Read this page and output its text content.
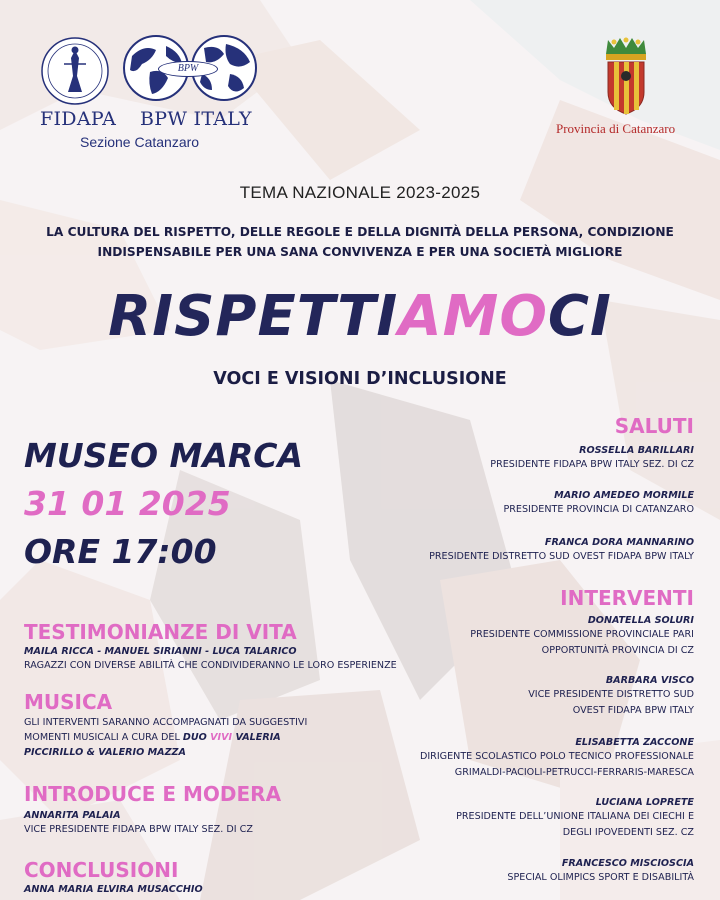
BPW
FIDAPA BPW ITALY
Sezione Catanzaro
Provincia di Catanzaro
TEMA NAZIONALE 2023-2025
LA CULTURA DEL RISPETTO, DELLE REGOLE E DELLA DIGNITÀ DELLA PERSONA, CONDIZIONE
INDISPENSABILE PER UNA SANA CONVIVENZA E PER UNA SOCIETÀ MIGLIORE
RISPETTIAMOCI
VOCI E VISIONI D’INCLUSIONE
MUSEO MARCA
31 01 2025
ORE 17:00
TESTIMONIANZE DI VITA
MAILA RICCA - MANUEL SIRIANNI - LUCA TALARICO
RAGAZZI CON DIVERSE ABILITÀ CHE CONDIVIDERANNO LE LORO ESPERIENZE
MUSICA
GLI INTERVENTI SARANNO ACCOMPAGNATI DA SUGGESTIVI
MOMENTI MUSICALI A CURA DEL DUO VIVI VALERIA
PICCIRILLO & VALERIO MAZZA
INTRODUCE E MODERA
ANNARITA PALAIA
VICE PRESIDENTE FIDAPA BPW ITALY SEZ. DI CZ
CONCLUSIONI
ANNA MARIA ELVIRA MUSACCHIO
SALUTI
ROSSELLA BARILLARI
PRESIDENTE FIDAPA BPW ITALY SEZ. DI CZ
MARIO AMEDEO MORMILE
PRESIDENTE PROVINCIA DI CATANZARO
FRANCA DORA MANNARINO
PRESIDENTE DISTRETTO SUD OVEST FIDAPA BPW ITALY
INTERVENTI
DONATELLA SOLURI
PRESIDENTE COMMISSIONE PROVINCIALE PARI
OPPORTUNITÀ PROVINCIA DI CZ
BARBARA VISCO
VICE PRESIDENTE DISTRETTO SUD
OVEST FIDAPA BPW ITALY
ELISABETTA ZACCONE
DIRIGENTE SCOLASTICO POLO TECNICO PROFESSIONALE
GRIMALDI-PACIOLI-PETRUCCI-FERRARIS-MARESCA
LUCIANA LOPRETE
PRESIDENTE DELL’UNIONE ITALIANA DEI CIECHI E
DEGLI IPOVEDENTI SEZ. CZ
FRANCESCO MISCIOSCIA
SPECIAL OLIMPICS SPORT E DISABILITÀ
